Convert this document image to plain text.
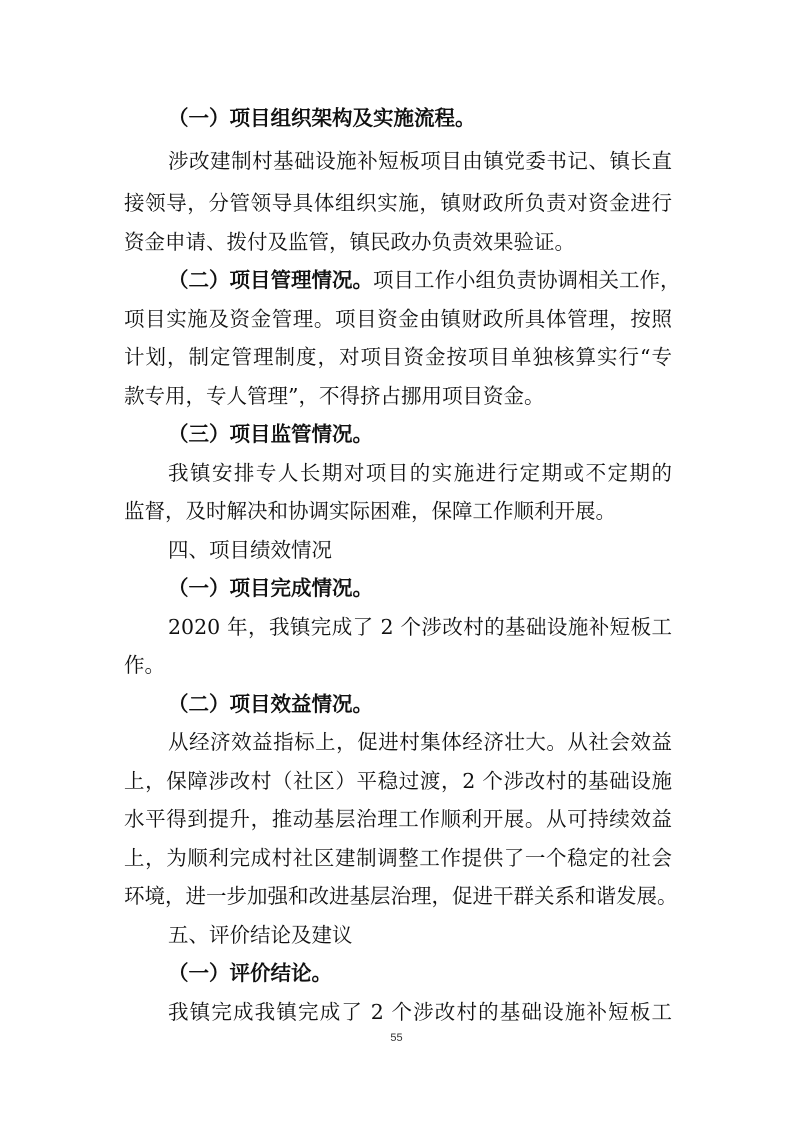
（一）项目组织架构及实施流程。
涉改建制村基础设施补短板项目由镇党委书记、镇长直
接领导，分管领导具体组织实施，镇财政所负责对资金进行
资金申请、拨付及监管，镇民政办负责效果验证。
（二）项目管理情况。项目工作小组负责协调相关工作，
项目实施及资金管理。项目资金由镇财政所具体管理，按照
计划，制定管理制度，对项目资金按项目单独核算实行“专
款专用，专人管理”，不得挤占挪用项目资金。
（三）项目监管情况。
我镇安排专人长期对项目的实施进行定期或不定期的
监督，及时解决和协调实际困难，保障工作顺利开展。
四、项目绩效情况
（一）项目完成情况。
2020 年，我镇完成了 2 个涉改村的基础设施补短板工
作。
（二）项目效益情况。
从经济效益指标上，促进村集体经济壮大。从社会效益
上，保障涉改村（社区）平稳过渡，2 个涉改村的基础设施
水平得到提升，推动基层治理工作顺利开展。从可持续效益
上，为顺利完成村社区建制调整工作提供了一个稳定的社会
环境，进一步加强和改进基层治理，促进干群关系和谐发展。
五、评价结论及建议
（一）评价结论。
我镇完成我镇完成了 2 个涉改村的基础设施补短板工
55
